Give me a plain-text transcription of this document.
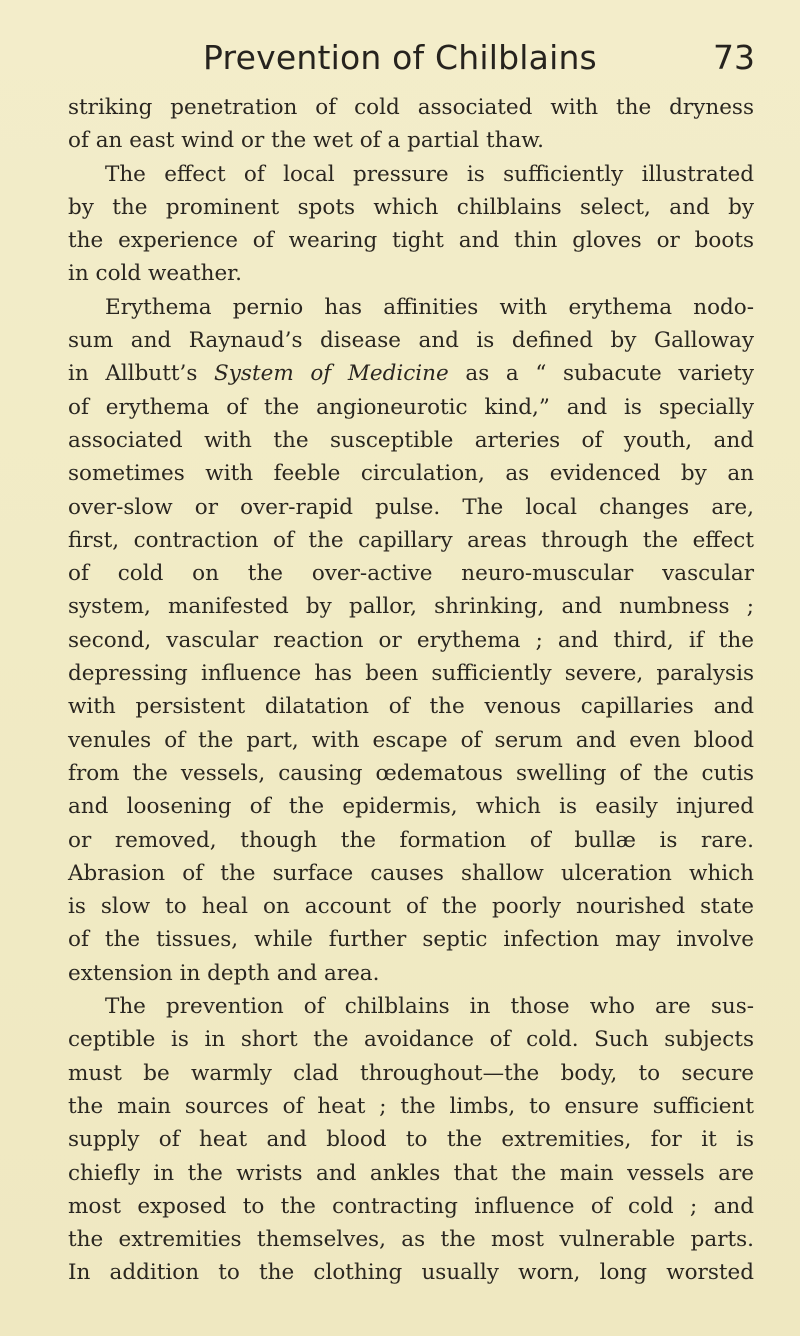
Prevention of Chilblains	73
striking penetration of cold associated with the dryness
of an east wind or the wet of a partial thaw.
The effect of local pressure is sufficiently illustrated
by the prominent spots which chilblains select, and by
the experience of wearing tight and thin gloves or boots
in cold weather.
Erythema pernio has affinities with erythema nodo-
sum and Raynaud’s disease and is defined by Galloway
in Allbutt’s System of Medicine as a “ subacute variety
of erythema of the angioneurotic kind,” and is specially
associated with the susceptible arteries of youth, and
sometimes with feeble circulation, as evidenced by an
over-slow or over-rapid pulse. The local changes are,
first, contraction of the capillary areas through the effect
of cold on the over-active neuro-muscular vascular
system, manifested by pallor, shrinking, and numbness ;
second, vascular reaction or erythema ; and third, if the
depressing influence has been sufficiently severe, paralysis
with persistent dilatation of the venous capillaries and
venules of the part, with escape of serum and even blood
from the vessels, causing œdematous swelling of the cutis
and loosening of the epidermis, which is easily injured
or removed, though the formation of bullæ is rare.
Abrasion of the surface causes shallow ulceration which
is slow to heal on account of the poorly nourished state
of the tissues, while further septic infection may involve
extension in depth and area.
The prevention of chilblains in those who are sus-
ceptible is in short the avoidance of cold. Such subjects
must be warmly clad throughout—the body, to secure
the main sources of heat ; the limbs, to ensure sufficient
supply of heat and blood to the extremities, for it is
chiefly in the wrists and ankles that the main vessels are
most exposed to the contracting influence of cold ; and
the extremities themselves, as the most vulnerable parts.
In addition to the clothing usually worn, long worsted
